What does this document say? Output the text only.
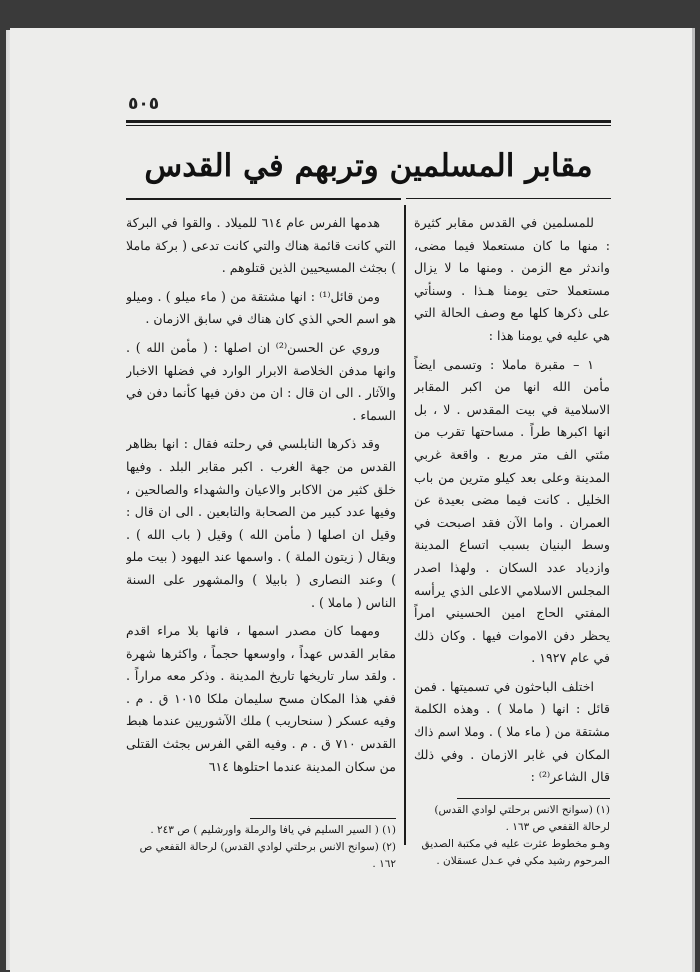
٥٠٥
مقابر المسلمين وتربهم في القدس

للمسلمين في القدس مقابر كثيرة : منها ما كان مستعملا فيما مضى، واندثر مع الزمن . ومنها ما لا يزال مستعملا حتى يومنا هـذا . وسنأتي على ذكرها كلها مع وصف الحالة التي هي عليه في يومنا هذا :

١ – مقبرة ماملا : وتسمى ايضاً مأمن الله انها من اكبر المقابر الاسلامية في بيت المقدس . لا ، بل انها اكبرها طراً . مساحتها تقرب من مئتي الف متر مربع . واقعة غربي المدينة وعلى بعد كيلو مترين من باب الخليل . كانت فيما مضى بعيدة عن العمران . واما الآن فقد اصبحت في وسط البنيان بسبب اتساع المدينة وازدياد عدد السكان . ولهذا اصدر المجلس الاسلامي الاعلى الذي يرأسه المفتي الحاج امين الحسيني امراً يحظر دفن الاموات فيها . وكان ذلك في عام ١٩٢٧ .

اختلف الباحثون في تسميتها . فمن قائل : انها ( ماملا ) . وهذه الكلمة مشتقة من ( ماء ملا ) . وملا اسم ذاك المكان في غابر الازمان . وفي ذلك قال الشاعر⁽²⁾ :

هدمها الفرس عام ٦١٤ للميلاد . والقوا في البركة التي كانت قائمة هناك والتي كانت تدعى ( بركة ماملا ) بجثث المسيحيين الذين قتلوهم .

ومن قائل⁽¹⁾ : انها مشتقة من ( ماء ميلو ) . وميلو هو اسم الحي الذي كان هناك في سابق الازمان .

وروي عن الحسن⁽²⁾ ان اصلها : ( مأمن الله ) . وانها مدفن الخلاصة الابرار الوارد في فضلها الاخبار والآثار . الى ان قال : ان من دفن فيها كأنما دفن في السماء .

وقد ذكرها النابلسي في رحلته فقال : انها بظاهر القدس من جهة الغرب . اكبر مقابر البلد . وفيها خلق كثير من الاكابر والاعيان والشهداء والصالحين ، وفيها عدد كبير من الصحابة والتابعين . الى ان قال : وقيل ان اصلها ( مأمن الله ) وقيل ( باب الله ) . ويقال ( زيتون الملة ) . واسمها عند اليهود ( بيت ملو ) وعند النصارى ( بابيلا ) والمشهور على السنة الناس ( ماملا ) .

ومهما كان مصدر اسمها ، فانها بلا مراء اقدم مقابر القدس عهداً ، واوسعها حجماً ، واكثرها شهرة . ولقد سار تاريخها تاريخ المدينة . وذكر معه مراراً . ففي هذا المكان مسح سليمان ملكا ١٠١٥ ق . م . وفيه عسكر ( سنحاريب ) ملك الآشوريين عندما هبط القدس ٧١٠ ق . م . وفيه القي الفرس بجثث القتلى من سكان المدينة عندما احتلوها ٦١٤

(١) (سوانح الانس برحلتي لوادي القدس) لرحالة القفعي ص ١٦٣ .
وهـو مخطوط عثرت عليه في مكتبة الصديق المرحوم رشيد مكي في عـدل عسقلان .
(١) ( السير السليم في يافا والرملة واورشليم ) ص ٢٤٣ .
(٢) (سوانح الانس برحلتي لوادي القدس) لرحالة القفعي ص ١٦٢ .
